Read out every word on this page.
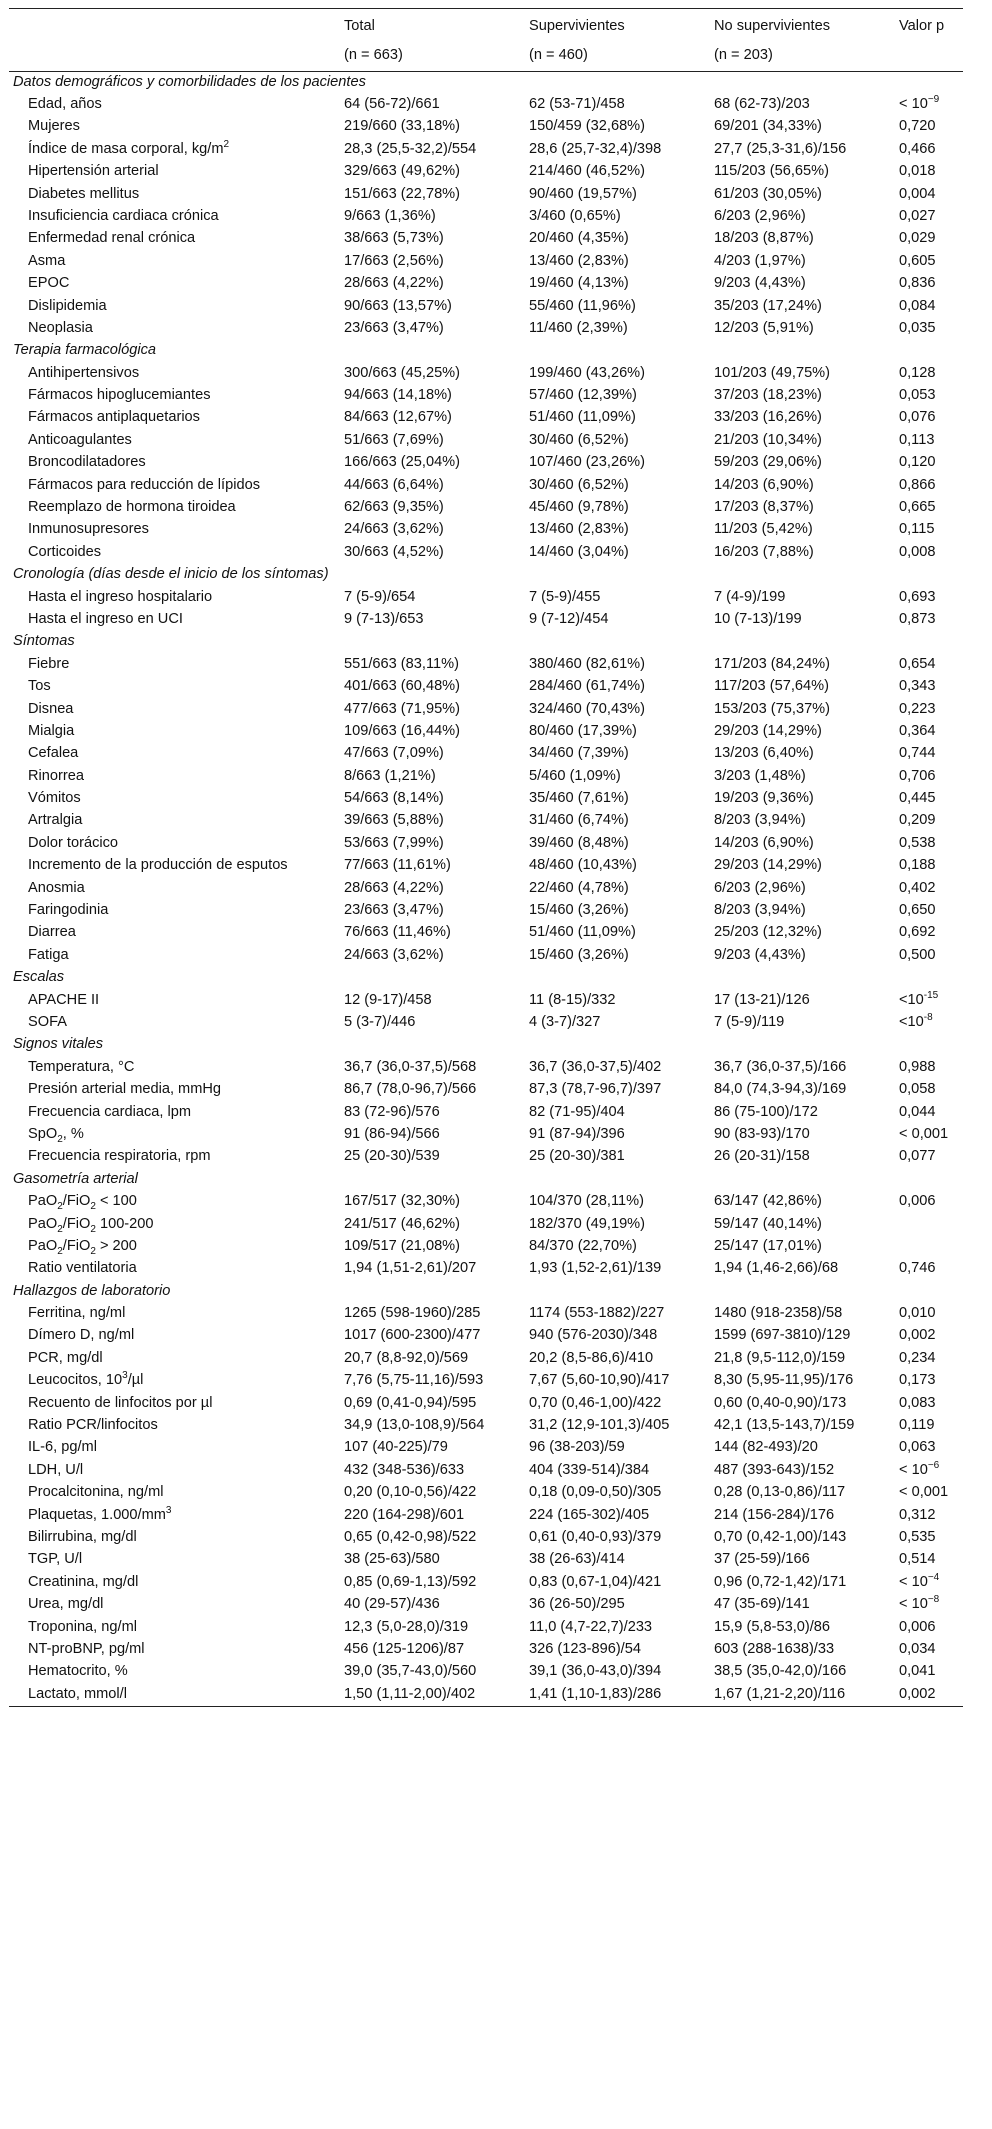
	Total	Supervivientes	No supervivientes	Valor p
	(n = 663)	(n = 460)	(n = 203)	
Datos demográficos y comorbilidades de los pacientes				
Edad, años	64 (56-72)/661	62 (53-71)/458	68 (62-73)/203	< $10^{-9}$
Mujeres	219/660 (33,18%)	150/459 (32,68%)	69/201 (34,33%)	0,720
Índice de masa corporal, $kg/m^2$	28,3 (25,5-32,2)/554	28,6 (25,7-32,4)/398	27,7 (25,3-31,6)/156	0,466
Hipertensión arterial	329/663 (49,62%)	214/460 (46,52%)	115/203 (56,65%)	0,018
Diabetes mellitus	151/663 (22,78%)	90/460 (19,57%)	61/203 (30,05%)	0,004
Insuficiencia cardiaca crónica	9/663 (1,36%)	3/460 (0,65%)	6/203 (2,96%)	0,027
Enfermedad renal crónica	38/663 (5,73%)	20/460 (4,35%)	18/203 (8,87%)	0,029
Asma	17/663 (2,56%)	13/460 (2,83%)	4/203 (1,97%)	0,605
EPOC	28/663 (4,22%)	19/460 (4,13%)	9/203 (4,43%)	0,836
Dislipidemia	90/663 (13,57%)	55/460 (11,96%)	35/203 (17,24%)	0,084
Neoplasia	23/663 (3,47%)	11/460 (2,39%)	12/203 (5,91%)	0,035
Terapia farmacológica				
Antihipertensivos	300/663 (45,25%)	199/460 (43,26%)	101/203 (49,75%)	0,128
Fármacos hipoglucemiantes	94/663 (14,18%)	57/460 (12,39%)	37/203 (18,23%)	0,053
Fármacos antiplaquetarios	84/663 (12,67%)	51/460 (11,09%)	33/203 (16,26%)	0,076
Anticoagulantes	51/663 (7,69%)	30/460 (6,52%)	21/203 (10,34%)	0,113
Broncodilatadores	166/663 (25,04%)	107/460 (23,26%)	59/203 (29,06%)	0,120
Fármacos para reducción de lípidos	44/663 (6,64%)	30/460 (6,52%)	14/203 (6,90%)	0,866
Reemplazo de hormona tiroidea	62/663 (9,35%)	45/460 (9,78%)	17/203 (8,37%)	0,665
Inmunosupresores	24/663 (3,62%)	13/460 (2,83%)	11/203 (5,42%)	0,115
Corticoides	30/663 (4,52%)	14/460 (3,04%)	16/203 (7,88%)	0,008
Cronología (días desde el inicio de los síntomas)				
Hasta el ingreso hospitalario	7 (5-9)/654	7 (5-9)/455	7 (4-9)/199	0,693
Hasta el ingreso en UCI	9 (7-13)/653	9 (7-12)/454	10 (7-13)/199	0,873
Síntomas				
Fiebre	551/663 (83,11%)	380/460 (82,61%)	171/203 (84,24%)	0,654
Tos	401/663 (60,48%)	284/460 (61,74%)	117/203 (57,64%)	0,343
Disnea	477/663 (71,95%)	324/460 (70,43%)	153/203 (75,37%)	0,223
Mialgia	109/663 (16,44%)	80/460 (17,39%)	29/203 (14,29%)	0,364
Cefalea	47/663 (7,09%)	34/460 (7,39%)	13/203 (6,40%)	0,744
Rinorrea	8/663 (1,21%)	5/460 (1,09%)	3/203 (1,48%)	0,706
Vómitos	54/663 (8,14%)	35/460 (7,61%)	19/203 (9,36%)	0,445
Artralgia	39/663 (5,88%)	31/460 (6,74%)	8/203 (3,94%)	0,209
Dolor torácico	53/663 (7,99%)	39/460 (8,48%)	14/203 (6,90%)	0,538
Incremento de la producción de esputos	77/663 (11,61%)	48/460 (10,43%)	29/203 (14,29%)	0,188
Anosmia	28/663 (4,22%)	22/460 (4,78%)	6/203 (2,96%)	0,402
Faringodinia	23/663 (3,47%)	15/460 (3,26%)	8/203 (3,94%)	0,650
Diarrea	76/663 (11,46%)	51/460 (11,09%)	25/203 (12,32%)	0,692
Fatiga	24/663 (3,62%)	15/460 (3,26%)	9/203 (4,43%)	0,500
Escalas				
APACHE II	12 (9-17)/458	11 (8-15)/332	17 (13-21)/126	$<10^{-15}$
SOFA	5 (3-7)/446	4 (3-7)/327	7 (5-9)/119	$<10^{-8}$
Signos vitales				
Temperatura, °C	36,7 (36,0-37,5)/568	36,7 (36,0-37,5)/402	36,7 (36,0-37,5)/166	0,988
Presión arterial media, mmHg	86,7 (78,0-96,7)/566	87,3 (78,7-96,7)/397	84,0 (74,3-94,3)/169	0,058
Frecuencia cardiaca, lpm	83 (72-96)/576	82 (71-95)/404	86 (75-100)/172	0,044
SpO$_2$, %	91 (86-94)/566	91 (87-94)/396	90 (83-93)/170	< 0,001
Frecuencia respiratoria, rpm	25 (20-30)/539	25 (20-30)/381	26 (20-31)/158	0,077
Gasometría arterial				
PaO$_2$/FiO$_2$ < 100	167/517 (32,30%)	104/370 (28,11%)	63/147 (42,86%)	0,006
PaO$_2$/FiO$_2$ 100-200	241/517 (46,62%)	182/370 (49,19%)	59/147 (40,14%)	
PaO$_2$/FiO$_2$ > 200	109/517 (21,08%)	84/370 (22,70%)	25/147 (17,01%)	
Ratio ventilatoria	1,94 (1,51-2,61)/207	1,93 (1,52-2,61)/139	1,94 (1,46-2,66)/68	0,746
Hallazgos de laboratorio				
Ferritina, ng/ml	1265 (598-1960)/285	1174 (553-1882)/227	1480 (918-2358)/58	0,010
Dímero D, ng/ml	1017 (600-2300)/477	940 (576-2030)/348	1599 (697-3810)/129	0,002
PCR, mg/dl	20,7 (8,8-92,0)/569	20,2 (8,5-86,6)/410	21,8 (9,5-112,0)/159	0,234
Leucocitos, $10^3/\mu l$	7,76 (5,75-11,16)/593	7,67 (5,60-10,90)/417	8,30 (5,95-11,95)/176	0,173
Recuento de linfocitos por µl	0,69 (0,41-0,94)/595	0,70 (0,46-1,00)/422	0,60 (0,40-0,90)/173	0,083
Ratio PCR/linfocitos	34,9 (13,0-108,9)/564	31,2 (12,9-101,3)/405	42,1 (13,5-143,7)/159	0,119
IL-6, pg/ml	107 (40-225)/79	96 (38-203)/59	144 (82-493)/20	0,063
LDH, U/l	432 (348-536)/633	404 (339-514)/384	487 (393-643)/152	< $10^{-6}$
Procalcitonina, ng/ml	0,20 (0,10-0,56)/422	0,18 (0,09-0,50)/305	0,28 (0,13-0,86)/117	< 0,001
Plaquetas, $1.000/mm^3$	220 (164-298)/601	224 (165-302)/405	214 (156-284)/176	0,312
Bilirrubina, mg/dl	0,65 (0,42-0,98)/522	0,61 (0,40-0,93)/379	0,70 (0,42-1,00)/143	0,535
TGP, U/l	38 (25-63)/580	38 (26-63)/414	37 (25-59)/166	0,514
Creatinina, mg/dl	0,85 (0,69-1,13)/592	0,83 (0,67-1,04)/421	0,96 (0,72-1,42)/171	< $10^{-4}$
Urea, mg/dl	40 (29-57)/436	36 (26-50)/295	47 (35-69)/141	< $10^{-8}$
Troponina, ng/ml	12,3 (5,0-28,0)/319	11,0 (4,7-22,7)/233	15,9 (5,8-53,0)/86	0,006
NT-proBNP, pg/ml	456 (125-1206)/87	326 (123-896)/54	603 (288-1638)/33	0,034
Hematocrito, %	39,0 (35,7-43,0)/560	39,1 (36,0-43,0)/394	38,5 (35,0-42,0)/166	0,041
Lactato, mmol/l	1,50 (1,11-2,00)/402	1,41 (1,10-1,83)/286	1,67 (1,21-2,20)/116	0,002
